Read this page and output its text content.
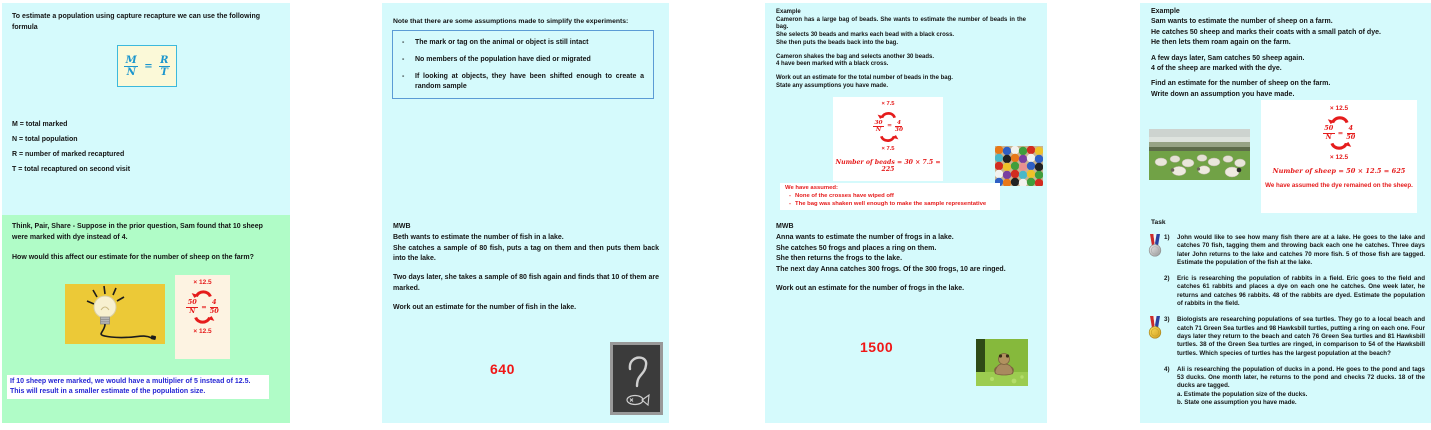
To estimate a population using capture recapture we can use the following formula
$\frac{M}{N} = \frac{R}{T}$
M = total marked
N = total population
R = number of marked recaptured
T = total recaptured on second visit
Think, Pair, Share - Suppose in the prior question, Sam found that 10 sheep were marked with dye instead of 4.
How would this affect our estimate for the number of sheep on the farm?
× 12.5
$\frac{50}{N} = \frac{4}{50}$
× 12.5
If 10 sheep were marked, we would have a multiplier of 5 instead of 12.5.
This will result in a smaller estimate of the population size.
Note that there are some assumptions made to simplify the experiments:
-	The mark or tag on the animal or object is still intact
-	No members of the population have died or migrated
-	If looking at objects, they have been shifted enough to create a random sample
MWB
Beth wants to estimate the number of fish in a lake.
She catches a sample of 80 fish, puts a tag on them and then puts them back into the lake.
Two days later, she takes a sample of 80 fish again and finds that 10 of them are marked.
Work out an estimate for the number of fish in the lake.
640
Example
Cameron has a large bag of beads. She wants to estimate the number of beads in the bag.
She selects 30 beads and marks each bead with a black cross.
She then puts the beads back into the bag.
Cameron shakes the bag and selects another 30 beads.
4 have been marked with a black cross.
Work out an estimate for the total number of beads in the bag.
State any assumptions you have made.
× 7.5
$\frac{30}{N} = \frac{4}{30}$
× 7.5
Number of beads = 30 × 7.5 = 225
We have assumed:
- None of the crosses have wiped off
- The bag was shaken well enough to make the sample representative
MWB
Anna wants to estimate the number of frogs in a lake.
She catches 50 frogs and places a ring on them.
She then returns the frogs to the lake.
The next day Anna catches 300 frogs. Of the 300 frogs, 10 are ringed.
Work out an estimate for the number of frogs in the lake.
1500
Example
Sam wants to estimate the number of sheep on a farm.
He catches 50 sheep and marks their coats with a small patch of dye.
He then lets them roam again on the farm.
A few days later, Sam catches 50 sheep again.
4 of the sheep are marked with the dye.
Find an estimate for the number of sheep on the farm.
Write down an assumption you have made.
× 12.5
$\frac{50}{N} = \frac{4}{50}$
× 12.5
Number of sheep = 50 × 12.5 = 625
We have assumed the dye remained on the sheep.
Task
1)	John would like to see how many fish there are at a lake. He goes to the lake and catches 70 fish, tagging them and throwing back each one he catches. Three days later John returns to the lake and catches 70 more fish. 5 of those fish are tagged. Estimate the population of the fish at the lake.
2)	Eric is researching the population of rabbits in a field. Eric goes to the field and catches 61 rabbits and places a dye on each one he catches. One week later, he returns and catches 96 rabbits. 48 of the rabbits are dyed. Estimate the population of rabbits in the field.
3)	Biologists are researching populations of sea turtles. They go to a local beach and catch 71 Green Sea turtles and 98 Hawksbill turtles, putting a ring on each one. Four days later they return to the beach and catch 76 Green Sea turtles and 81 Hawksbill turtles. 38 of the Green Sea turtles are ringed, in comparison to 54 of the Hawksbill turtles. Which species of turtles has the largest population at the beach?
4)	Ali is researching the population of ducks in a pond. He goes to the pond and tags 53 ducks. One month later, he returns to the pond and checks 72 ducks. 18 of the ducks are tagged.
a. Estimate the population size of the ducks.
b. State one assumption you have made.
